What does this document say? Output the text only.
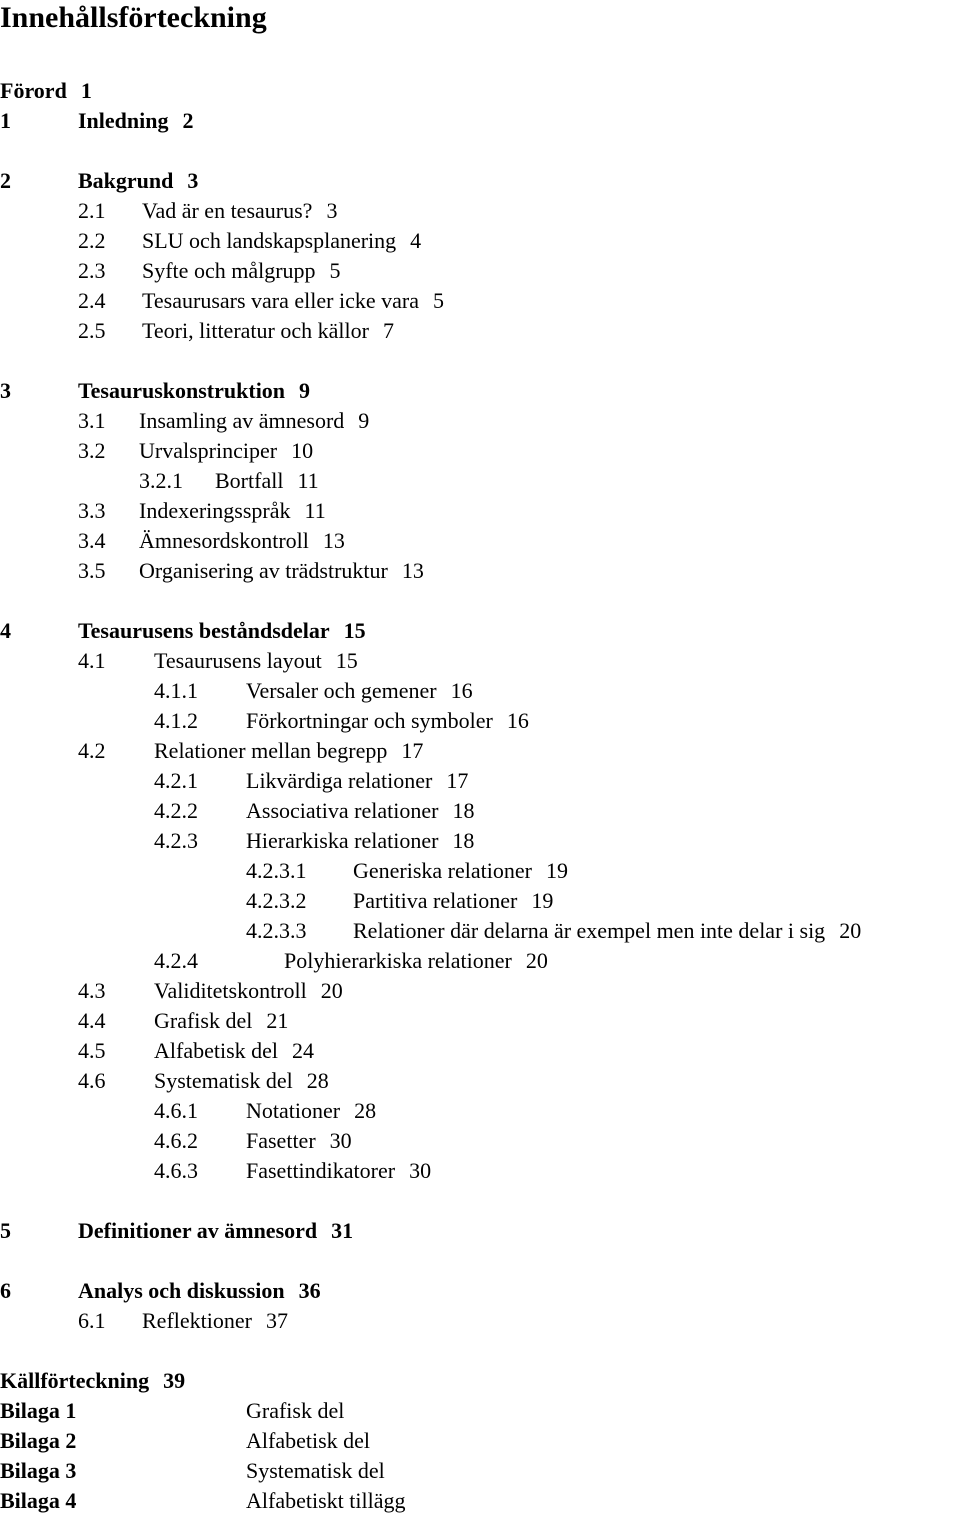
Innehållsförteckning
Förord 1
1	Inledning 2
2	Bakgrund 3
2.1 Vad är en tesaurus? 3
2.2 SLU och landskapsplanering 4
2.3 Syfte och målgrupp 5
2.4 Tesaurusars vara eller icke vara 5
2.5 Teori, litteratur och källor 7
3	Tesauruskonstruktion 9
3.1 Insamling av ämnesord 9
3.2 Urvalsprinciper 10
3.2.1 Bortfall 11
3.3 Indexeringsspråk 11
3.4 Ämnesordskontroll 13
3.5 Organisering av trädstruktur 13
4	Tesaurusens beståndsdelar 15
4.1 Tesaurusens layout 15
4.1.1 Versaler och gemener 16
4.1.2 Förkortningar och symboler 16
4.2 Relationer mellan begrepp 17
4.2.1 Likvärdiga relationer 17
4.2.2 Associativa relationer 18
4.2.3 Hierarkiska relationer 18
4.2.3.1 Generiska relationer 19
4.2.3.2 Partitiva relationer 19
4.2.3.3 Relationer där delarna är exempel men inte delar i sig 20
4.2.4	Polyhierarkiska relationer 20
4.3 Validitetskontroll 20
4.4 Grafisk del 21
4.5 Alfabetisk del 24
4.6 Systematisk del 28
4.6.1 Notationer 28
4.6.2 Fasetter 30
4.6.3 Fasettindikatorer 30
5	Definitioner av ämnesord 31
6	Analys och diskussion 36
6.1 Reflektioner 37
Källförteckning 39
Bilaga 1	Grafisk del
Bilaga 2	Alfabetisk del
Bilaga 3	Systematisk del
Bilaga 4	Alfabetiskt tillägg
